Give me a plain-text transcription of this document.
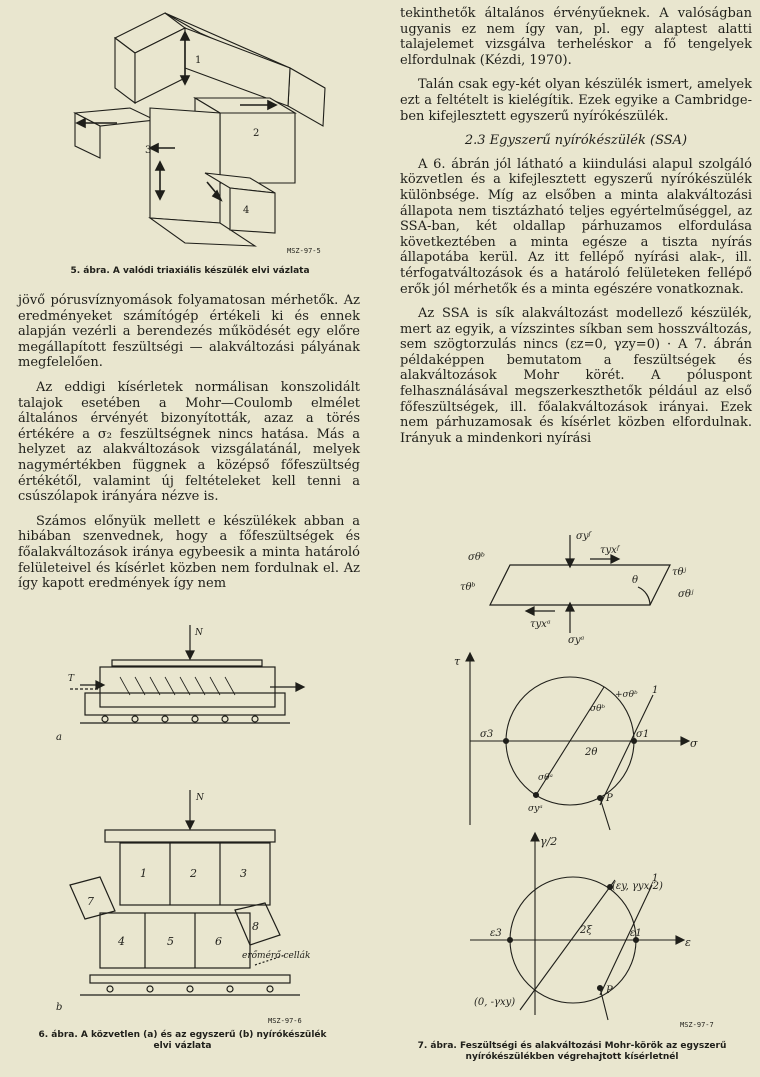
1
2
3
4
MSZ-97-5
5. ábra. A valódi triaxiális készülék elvi vázlata

jövő pórusvíznyomások folyamatosan mérhetők. Az eredményeket számítógép értékeli ki és ennek alapján vezérli a berendezés működését egy előre megállapított feszültségi — alakváltozási pályának megfelelően.

Az eddigi kísérletek normálisan konszolidált talajok esetében a Mohr—Coulomb elmélet általános érvényét bizonyították, azaz a törés értékére a σ₂ feszültségnek nincs hatása. Más a helyzet az alakváltozások vizsgálatánál, melyek nagymértékben függnek a középső főfeszültség értékétől, valamint új feltételeket kell tenni a csúszólapok irányára nézve is.

Számos előnyük mellett e készülékek abban a hibában szenvednek, hogy a főfeszültségek és főalakváltozások iránya egybeesik a minta határoló felületeivel és kísérlet közben nem fordulnak el. Az így kapott eredmények így nem

N
T
a
N
1	2	3
4	5	6
7
8
erőmérő cellák
b
MSZ-97-6
6. ábra. A közvetlen (a) és az egyszerű (b) nyírókészülék
elvi vázlata

tekinthetők általános érvényűeknek. A valóságban ugyanis ez nem így van, pl. egy alaptest alatti talajelemet vizsgálva terheléskor a fő tengelyek elfordulnak (Kézdi, 1970).

Talán csak egy-két olyan készülék ismert, amelyek ezt a feltételt is kielégítik. Ezek egyike a Cambridge-ben kifejlesztett egyszerű nyírókészülék.

2.3 Egyszerű nyírókészülék (SSA)

A 6. ábrán jól látható a kiindulási alapul szolgáló közvetlen és a kifejlesztett egyszerű nyírókészülék különbsége. Míg az elsőben a minta alakváltozási állapota nem tisztázható teljes egyértelműséggel, az SSA-ban, két oldallap párhuzamos elfordulása következtében a minta egésze a tiszta nyírás állapotába kerül. Az itt fellépő nyírási alak-, ill. térfogatváltozások és a határoló felületeken fellépő erők jól mérhetők és a minta egészére vonatkoznak.

Az SSA is sík alakváltozást modellező készülék, mert az egyik, a vízszintes síkban sem hosszváltozás, sem szögtorzulás nincs (εz=0, γzy=0) · A 7. ábrán példaképpen bemutatom a feszültségek és alakváltozások Mohr körét. A póluspont felhasználásával megszerkeszthetők például az első főfeszültségek, ill. főalakváltozások irányai. Ezek nem párhuzamosak és kísérlet közben elfordulnak. Irányuk a mindenkori nyírási

σyᶠ
τyxᶠ
σθᵇ
τθᵇ
θ
τθʲ
σθʲ
τyxᵃ
σyᵃ
τ
σ
σ3	σ1
2θ
σθᵇ
+σθᵇ
σθᵃ
σyᵃ
P
1
γ/2
ε
ε3	ε1
2ξ
(εy, γyx/2)
(0, -γxy)
P
1
MSZ-97-7
7. ábra. Feszültségi és alakváltozási Mohr-körök az egyszerű
nyírókészülékben végrehajtott kísérletnél
